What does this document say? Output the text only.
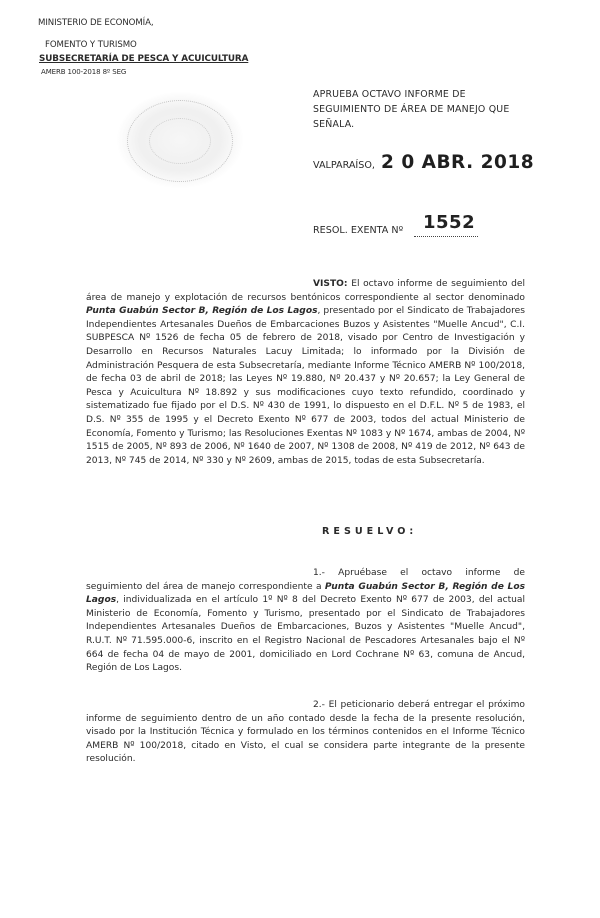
MINISTERIO DE ECONOMÍA,
FOMENTO Y TURISMO
SUBSECRETARÍA DE PESCA Y ACUICULTURA
AMERB 100-2018 8º SEG
APRUEBA OCTAVO INFORME DE SEGUIMIENTO DE ÁREA DE MANEJO QUE SEÑALA.
VALPARAÍSO, 2 0 ABR. 2018
RESOL. EXENTA Nº 1552
VISTO: El octavo informe de seguimiento del área de manejo y explotación de recursos bentónicos correspondiente al sector denominado Punta Guabún Sector B, Región de Los Lagos, presentado por el Sindicato de Trabajadores Independientes Artesanales Dueños de Embarcaciones Buzos y Asistentes "Muelle Ancud", C.I. SUBPESCA Nº 1526 de fecha 05 de febrero de 2018, visado por Centro de Investigación y Desarrollo en Recursos Naturales Lacuy Limitada; lo informado por la División de Administración Pesquera de esta Subsecretaría, mediante Informe Técnico AMERB Nº 100/2018, de fecha 03 de abril de 2018; las Leyes Nº 19.880, Nº 20.437 y Nº 20.657; la Ley General de Pesca y Acuicultura Nº 18.892 y sus modificaciones cuyo texto refundido, coordinado y sistematizado fue fijado por el D.S. Nº 430 de 1991, lo dispuesto en el D.F.L. Nº 5 de 1983, el D.S. Nº 355 de 1995 y el Decreto Exento Nº 677 de 2003, todos del actual Ministerio de Economía, Fomento y Turismo; las Resoluciones Exentas Nº 1083 y Nº 1674, ambas de 2004, Nº 1515 de 2005, Nº 893 de 2006, Nº 1640 de 2007, Nº 1308 de 2008, Nº 419 de 2012, Nº 643 de 2013, Nº 745 de 2014, Nº 330 y Nº 2609, ambas de 2015, todas de esta Subsecretaría.
RESUELVO:
1.- Apruébase el octavo informe de seguimiento del área de manejo correspondiente a Punta Guabún Sector B, Región de Los Lagos, individualizada en el artículo 1º Nº 8 del Decreto Exento Nº 677 de 2003, del actual Ministerio de Economía, Fomento y Turismo, presentado por el Sindicato de Trabajadores Independientes Artesanales Dueños de Embarcaciones, Buzos y Asistentes "Muelle Ancud", R.U.T. Nº 71.595.000-6, inscrito en el Registro Nacional de Pescadores Artesanales bajo el Nº 664 de fecha 04 de mayo de 2001, domiciliado en Lord Cochrane Nº 63, comuna de Ancud, Región de Los Lagos.
2.- El peticionario deberá entregar el próximo informe de seguimiento dentro de un año contado desde la fecha de la presente resolución, visado por la Institución Técnica y formulado en los términos contenidos en el Informe Técnico AMERB Nº 100/2018, citado en Visto, el cual se considera parte integrante de la presente resolución.
